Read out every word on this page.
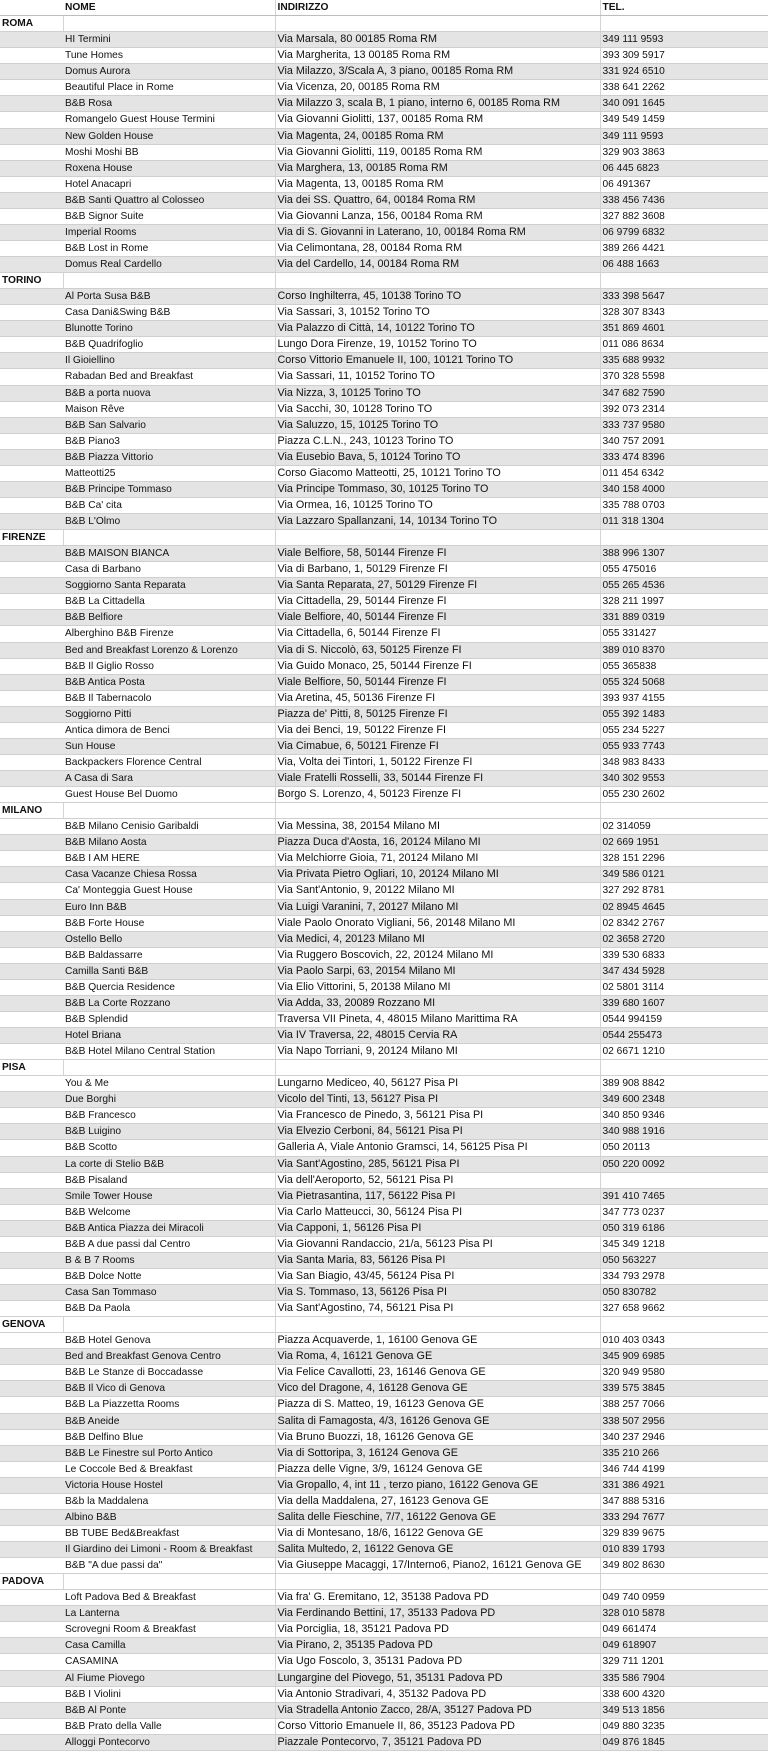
	NOME	INDIRIZZO	TEL.
ROMA			
	HI Termini	Via Marsala, 80 00185 Roma RM	349 111 9593
	Tune Homes	Via Margherita, 13 00185 Roma RM	393 309 5917
	Domus Aurora	Via Milazzo, 3/Scala A, 3 piano, 00185 Roma RM	331 924 6510
	Beautiful Place in Rome	Via Vicenza, 20, 00185 Roma RM	338 641 2262
	B&B Rosa	Via Milazzo 3, scala B, 1 piano, interno 6, 00185 Roma RM	340 091 1645
	Romangelo Guest House Termini	Via Giovanni Giolitti, 137, 00185 Roma RM	349 549 1459
	New Golden House	Via Magenta, 24, 00185 Roma RM	349 111 9593
	Moshi Moshi BB	Via Giovanni Giolitti, 119, 00185 Roma RM	329 903 3863
	Roxena House	Via Marghera, 13, 00185 Roma RM	06 445 6823
	Hotel Anacapri	Via Magenta, 13, 00185 Roma RM	06 491367
	B&B Santi Quattro al Colosseo	Via dei SS. Quattro, 64, 00184 Roma RM	338 456 7436
	B&B Signor Suite	Via Giovanni Lanza, 156, 00184 Roma RM	327 882 3608
	Imperial Rooms	Via di S. Giovanni in Laterano, 10, 00184 Roma RM	06 9799 6832
	B&B Lost in Rome	Via Celimontana, 28, 00184 Roma RM	389 266 4421
	Domus Real Cardello	Via del Cardello, 14, 00184 Roma RM	06 488 1663
TORINO			
	Al Porta Susa B&B	Corso Inghilterra, 45, 10138 Torino TO	333 398 5647
	Casa Dani&Swing B&B	Via Sassari, 3, 10152 Torino TO	328 307 8343
	Blunotte Torino	Via Palazzo di Città, 14, 10122 Torino TO	351 869 4601
	B&B Quadrifoglio	Lungo Dora Firenze, 19, 10152 Torino TO	011 086 8634
	Il Gioiellino	Corso Vittorio Emanuele II, 100, 10121 Torino TO	335 688 9932
	Rabadan Bed and Breakfast	Via Sassari, 11, 10152 Torino TO	370 328 5598
	B&B a porta nuova	Via Nizza, 3, 10125 Torino TO	347 682 7590
	Maison Rêve	Via Sacchi, 30, 10128 Torino TO	392 073 2314
	B&B San Salvario	Via Saluzzo, 15, 10125 Torino TO	333 737 9580
	B&B Piano3	Piazza C.L.N., 243, 10123 Torino TO	340 757 2091
	B&B Piazza Vittorio	Via Eusebio Bava, 5, 10124 Torino TO	333 474 8396
	Matteotti25	Corso Giacomo Matteotti, 25, 10121 Torino TO	011 454 6342
	B&B Principe Tommaso	Via Principe Tommaso, 30, 10125 Torino TO	340 158 4000
	B&B Ca' cita	Via Ormea, 16, 10125 Torino TO	335 788 0703
	B&B L'Olmo	Via Lazzaro Spallanzani, 14, 10134 Torino TO	011 318 1304
FIRENZE			
	B&B MAISON BIANCA	Viale Belfiore, 58, 50144 Firenze FI	388 996 1307
	Casa di Barbano	Via di Barbano, 1, 50129 Firenze FI	055 475016
	Soggiorno Santa Reparata	Via Santa Reparata, 27, 50129 Firenze FI	055 265 4536
	B&B La Cittadella	Via Cittadella, 29, 50144 Firenze FI	328 211 1997
	B&B Belfiore	Viale Belfiore, 40, 50144 Firenze FI	331 889 0319
	Alberghino B&B Firenze	Via Cittadella, 6, 50144 Firenze FI	055 331427
	Bed and Breakfast Lorenzo & Lorenzo	Via di S. Niccolò, 63, 50125 Firenze FI	389 010 8370
	B&B Il Giglio Rosso	Via Guido Monaco, 25, 50144 Firenze FI	055 365838
	B&B Antica Posta	Viale Belfiore, 50, 50144 Firenze FI	055 324 5068
	B&B Il Tabernacolo	Via Aretina, 45, 50136 Firenze FI	393 937 4155
	Soggiorno Pitti	Piazza de' Pitti, 8, 50125 Firenze FI	055 392 1483
	Antica dimora de Benci	Via dei Benci, 19, 50122 Firenze FI	055 234 5227
	Sun House	Via Cimabue, 6, 50121 Firenze FI	055 933 7743
	Backpackers Florence Central	Via, Volta dei Tintori, 1, 50122 Firenze FI	348 983 8433
	A Casa di Sara	Viale Fratelli Rosselli, 33, 50144 Firenze FI	340 302 9553
	Guest House Bel Duomo	Borgo S. Lorenzo, 4, 50123 Firenze FI	055 230 2602
MILANO			
	B&B Milano Cenisio Garibaldi	Via Messina, 38, 20154 Milano MI	02 314059
	B&B Milano Aosta	Piazza Duca d'Aosta, 16, 20124 Milano MI	02 669 1951
	B&B I AM HERE	Via Melchiorre Gioia, 71, 20124 Milano MI	328 151 2296
	Casa Vacanze Chiesa Rossa	Via Privata Pietro Ogliari, 10, 20124 Milano MI	349 586 0121
	Ca' Monteggia Guest House	Via Sant'Antonio, 9, 20122 Milano MI	327 292 8781
	Euro Inn B&B	Via Luigi Varanini, 7, 20127 Milano MI	02 8945 4645
	B&B Forte House	Viale Paolo Onorato Vigliani, 56, 20148 Milano MI	02 8342 2767
	Ostello Bello	Via Medici, 4, 20123 Milano MI	02 3658 2720
	B&B Baldassarre	Via Ruggero Boscovich, 22, 20124 Milano MI	339 530 6833
	Camilla Santi B&B	Via Paolo Sarpi, 63, 20154 Milano MI	347 434 5928
	B&B Quercia Residence	Via Elio Vittorini, 5, 20138 Milano MI	02 5801 3114
	B&B La Corte Rozzano	Via Adda, 33, 20089 Rozzano MI	339 680 1607
	B&B Splendid	Traversa VII Pineta, 4, 48015 Milano Marittima RA	0544 994159
	Hotel Briana	Via IV Traversa, 22, 48015 Cervia RA	0544 255473
	B&B Hotel Milano Central Station	Via Napo Torriani, 9, 20124 Milano MI	02 6671 1210
PISA			
	You & Me	Lungarno Mediceo, 40, 56127 Pisa PI	389 908 8842
	Due Borghi	Vicolo del Tinti, 13, 56127 Pisa PI	349 600 2348
	B&B Francesco	Via Francesco de Pinedo, 3, 56121 Pisa PI	340 850 9346
	B&B Luigino	Via Elvezio Cerboni, 84, 56121 Pisa PI	340 988 1916
	B&B Scotto	Galleria A, Viale Antonio Gramsci, 14, 56125 Pisa PI	050 20113
	La corte di Stelio B&B	Via Sant'Agostino, 285, 56121 Pisa PI	050 220 0092
	B&B Pisaland	Via dell'Aeroporto, 52, 56121 Pisa PI	
	Smile Tower House	Via Pietrasantina, 117, 56122 Pisa PI	391 410 7465
	B&B Welcome	Via Carlo Matteucci, 30, 56124 Pisa PI	347 773 0237
	B&B Antica Piazza dei Miracoli	Via Capponi, 1, 56126 Pisa PI	050 319 6186
	B&B A due passi dal Centro	Via Giovanni Randaccio, 21/a, 56123 Pisa PI	345 349 1218
	B & B 7 Rooms	Via Santa Maria, 83, 56126 Pisa PI	050 563227
	B&B Dolce Notte	Via San Biagio, 43/45, 56124 Pisa PI	334 793 2978
	Casa San Tommaso	Via S. Tommaso, 13, 56126 Pisa PI	050 830782
	B&B Da Paola	Via Sant'Agostino, 74, 56121 Pisa PI	327 658 9662
GENOVA			
	B&B Hotel Genova	Piazza Acquaverde, 1, 16100 Genova GE	010 403 0343
	Bed and Breakfast Genova Centro	Via Roma, 4, 16121 Genova GE	345 909 6985
	B&B Le Stanze di Boccadasse	Via Felice Cavallotti, 23, 16146 Genova GE	320 949 9580
	B&B Il Vico di Genova	Vico del Dragone, 4, 16128 Genova GE	339 575 3845
	B&B La Piazzetta Rooms	Piazza di S. Matteo, 19, 16123 Genova GE	388 257 7066
	B&B Aneide	Salita di Famagosta, 4/3, 16126 Genova GE	338 507 2956
	B&B Delfino Blue	Via Bruno Buozzi, 18, 16126 Genova GE	340 237 2946
	B&B Le Finestre sul Porto Antico	Via di Sottoripa, 3, 16124 Genova GE	335 210 266
	Le Coccole Bed & Breakfast	Piazza delle Vigne, 3/9, 16124 Genova GE	346 744 4199
	Victoria House Hostel	Via Gropallo, 4, int 11 , terzo piano, 16122 Genova GE	331 386 4921
	B&b la Maddalena	Via della Maddalena, 27, 16123 Genova GE	347 888 5316
	Albino B&B	Salita delle Fieschine, 7/7, 16122 Genova GE	333 294 7677
	BB TUBE Bed&Breakfast	Via di Montesano, 18/6, 16122 Genova GE	329 839 9675
	Il Giardino dei Limoni - Room & Breakfast	Salita Multedo, 2, 16122 Genova GE	010 839 1793
	B&B "A due passi da"	Via Giuseppe Macaggi, 17/Interno6, Piano2, 16121 Genova GE	349 802 8630
PADOVA			
	Loft Padova Bed & Breakfast	Via fra' G. Eremitano, 12, 35138 Padova PD	049 740 0959
	La Lanterna	Via Ferdinando Bettini, 17, 35133 Padova PD	328 010 5878
	Scrovegni Room & Breakfast	Via Porciglia, 18, 35121 Padova PD	049 661474
	Casa Camilla	Via Pirano, 2, 35135 Padova PD	049 618907
	CASAMINA	Via Ugo Foscolo, 3, 35131 Padova PD	329 711 1201
	Al Fiume Piovego	Lungargine del Piovego, 51, 35131 Padova PD	335 586 7904
	B&B I Violini	Via Antonio Stradivari, 4, 35132 Padova PD	338 600 4320
	B&B Al Ponte	Via Stradella Antonio Zacco, 28/A, 35127 Padova PD	349 513 1856
	B&B Prato della Valle	Corso Vittorio Emanuele II, 86, 35123 Padova PD	049 880 3235
	Alloggi Pontecorvo	Piazzale Pontecorvo, 7, 35121 Padova PD	049 876 1845
